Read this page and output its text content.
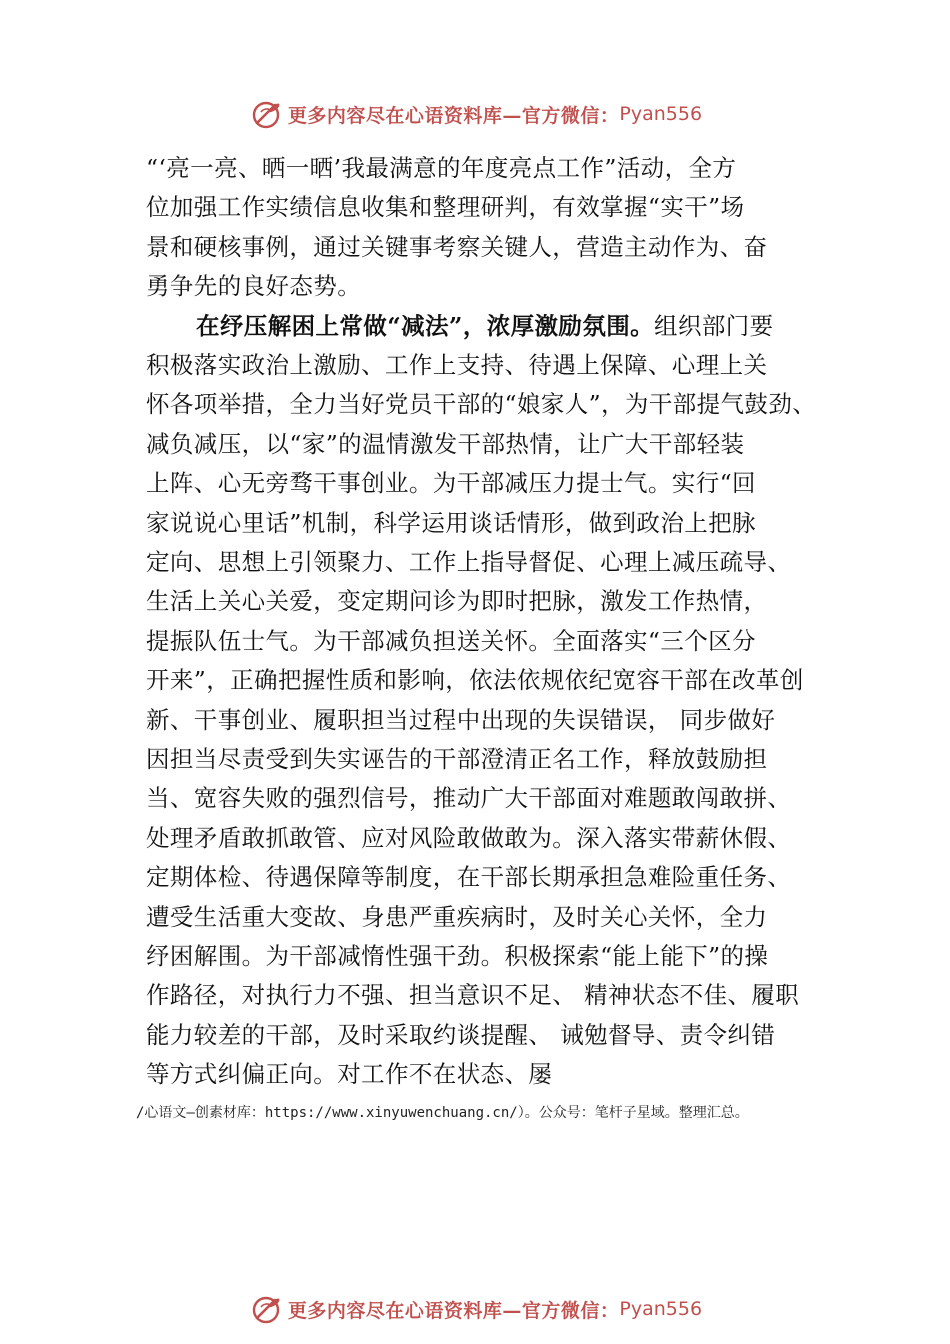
更多内容尽在心语资料库—官方微信： Pyan556
“‘亮一亮、晒一晒’我最满意的年度亮点工作”活动，全方
位加强工作实绩信息收集和整理研判，有效掌握“实干”场
景和硬核事例，通过关键事考察关键人，营造主动作为、奋
勇争先的良好态势。
在纾压解困上常做“减法”，浓厚激励氛围。组织部门要
积极落实政治上激励、工作上支持、待遇上保障、心理上关
怀各项举措，全力当好党员干部的“娘家人”，为干部提气鼓劲、
减负减压，以“家”的温情激发干部热情，让广大干部轻装
上阵、心无旁骛干事创业。为干部减压力提士气。实行“回
家说说心里话”机制，科学运用谈话情形，做到政治上把脉
定向、思想上引领聚力、工作上指导督促、心理上减压疏导、
生活上关心关爱，变定期问诊为即时把脉，激发工作热情，
提振队伍士气。为干部减负担送关怀。全面落实“三个区分
开来”，正确把握性质和影响，依法依规依纪宽容干部在改革创
新、干事创业、履职担当过程中出现的失误错误， 同步做好
因担当尽责受到失实诬告的干部澄清正名工作，释放鼓励担
当、宽容失败的强烈信号，推动广大干部面对难题敢闯敢拼、
处理矛盾敢抓敢管、应对风险敢做敢为。深入落实带薪休假、
定期体检、待遇保障等制度，在干部长期承担急难险重任务、
遭受生活重大变故、身患严重疾病时，及时关心关怀，全力
纾困解围。为干部减惰性强干劲。积极探索“能上能下”的操
作路径，对执行力不强、担当意识不足、 精神状态不佳、履职
能力较差的干部，及时采取约谈提醒、 诫勉督导、责令纠错
等方式纠偏正向。对工作不在状态、屡
/心语文—创素材库：https://www.xinyuwenchuang.cn/）。公众号：笔杆子星域。整理汇总。
更多内容尽在心语资料库—官方微信： Pyan556
